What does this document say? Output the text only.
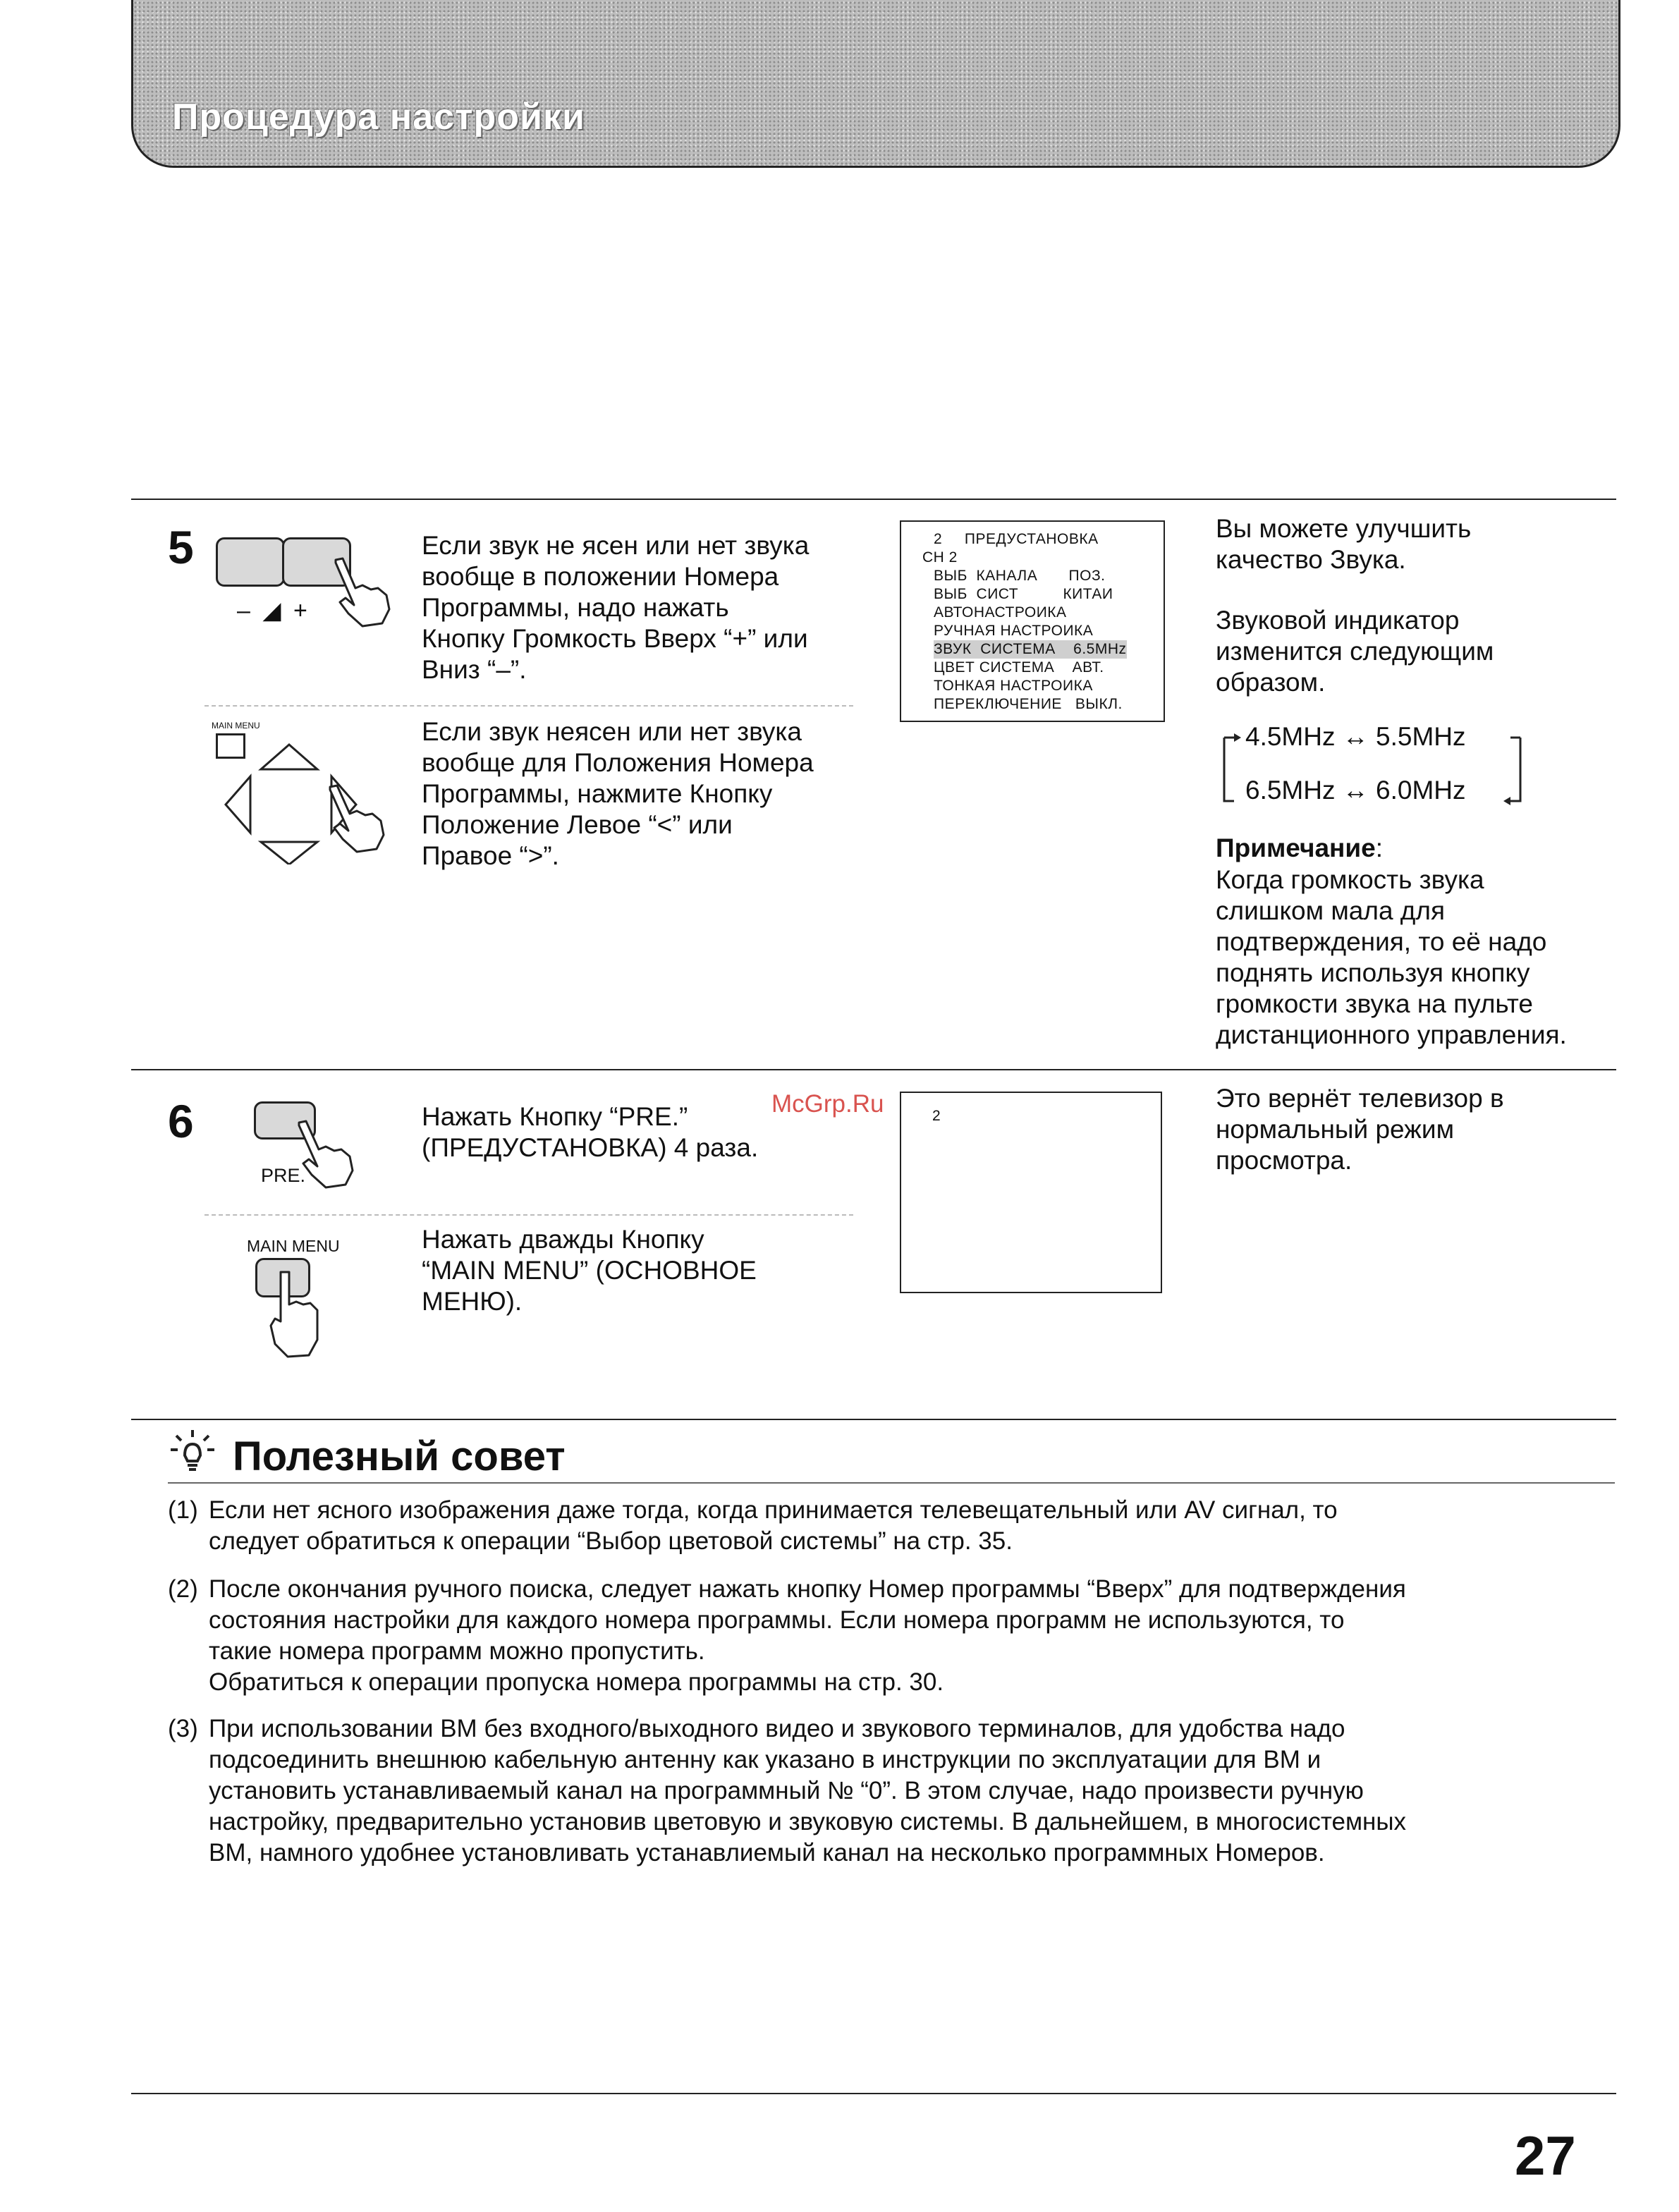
Процедура настройки
5
– ◢ +
Если звук не ясен или нет звука
вообще в положении Номера
Программы, надо нажать
Кнопку Громкость Вверх “+” или
Вниз “–”.
MAIN MENU	Если звук неясен или нет звука
вообще для Положения Номера
Программы, нажмите Кнопку
Положение Левое “<” или
Правое “>”.
2     ПРЕДУСТАНОВКА
CH 2
ВЫБ  КАНАЛА       ПОЗ.
ВЫБ  СИСТ          КИТАИ
АВТОНАСТРОИКА
РУЧНАЯ НАСТРОИКА
ЗВУК  СИСТЕМА    6.5MHz
ЦВЕТ СИСТЕМА    АВТ.
ТОНКАЯ НАСТРОИКА
ПЕРЕКЛЮЧЕНИЕ   ВЫКЛ.
Вы можете улучшить
качество Звука.
Звуковой индикатор
изменится следующим
образом.
4.5MHz ↔ 5.5MHz
6.5MHz ↔ 6.0MHz
Примечание:
Когда громкость звука
слишком мала для
подтверждения, то её надо
поднять используя кнопку
громкости звука на пульте
дистанционного управления.
6
PRE.
Нажать Кнопку “PRE.”
(ПРЕДУСТАНОВКА) 4 раза.
MAIN MENU	Нажать дважды Кнопку
“MAIN MENU” (ОСНОВНОЕ
МЕНЮ).
McGrp.Ru	2
Это вернёт телевизор в
нормальный режим
просмотра.
Полезный совет
(1) Если нет ясного изображения даже тогда, когда принимается телевещательный или AV сигнал, то
следует обратиться к операции “Выбор цветовой системы” на стр. 35.
(2) После окончания ручного поиска, следует нажать кнопку Номер программы “Вверх” для подтверждения
состояния настройки для каждого номера программы. Если номера программ не используются, то
такие номера программ можно пропустить.
Обратиться к операции пропуска номера программы на стр. 30.
(3) При использовании ВМ без входного/выходного видео и звукового терминалов, для удобства надо
подсоединить внешнюю кабельную антенну как указано в инструкции по эксплуатации для ВМ и
установить устанавливаемый канал на программный № “0”. В этом случае, надо произвести ручную
настройку, предварительно установив цветовую и звуковую системы. В дальнейшем, в многосистемных
ВМ, намного удобнее установливать устанавлиемый канал на несколько программных Номеров.
27
